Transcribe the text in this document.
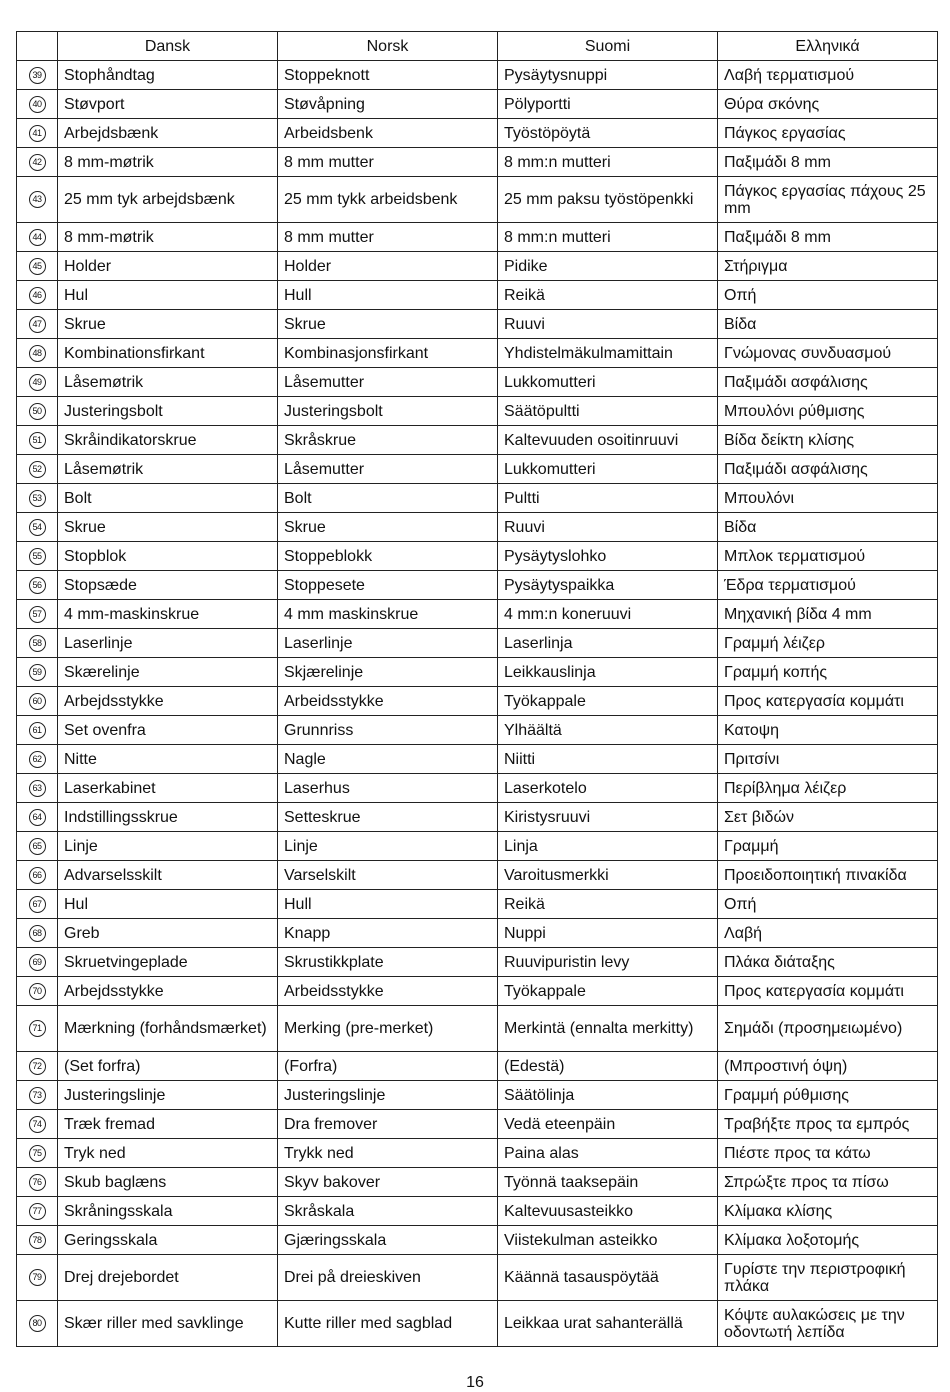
	Dansk	Norsk	Suomi	Ελληνικά
39	Stophåndtag	Stoppeknott	Pysäytysnuppi	Λαβή τερματισμού
40	Støvport	Støvåpning	Pölyportti	Θύρα σκόνης
41	Arbejdsbænk	Arbeidsbenk	Työstöpöytä	Πάγκος εργασίας
42	8 mm-møtrik	8 mm mutter	8 mm:n mutteri	Παξιμάδι 8 mm
43	25 mm tyk arbejdsbænk	25 mm tykk arbeidsbenk	25 mm paksu työstöpenkki	Πάγκος εργασίας πάχους 25 mm
44	8 mm-møtrik	8 mm mutter	8 mm:n mutteri	Παξιμάδι 8 mm
45	Holder	Holder	Pidike	Στήριγμα
46	Hul	Hull	Reikä	Οπή
47	Skrue	Skrue	Ruuvi	Βίδα
48	Kombinationsfirkant	Kombinasjonsfirkant	Yhdistelmäkulmamittain	Γνώμονας συνδυασμού
49	Låsemøtrik	Låsemutter	Lukkomutteri	Παξιμάδι ασφάλισης
50	Justeringsbolt	Justeringsbolt	Säätöpultti	Μπουλόνι ρύθμισης
51	Skråindikatorskrue	Skråskrue	Kaltevuuden osoitinruuvi	Βίδα δείκτη κλίσης
52	Låsemøtrik	Låsemutter	Lukkomutteri	Παξιμάδι ασφάλισης
53	Bolt	Bolt	Pultti	Μπουλόνι
54	Skrue	Skrue	Ruuvi	Βίδα
55	Stopblok	Stoppeblokk	Pysäytyslohko	Μπλοκ τερματισμού
56	Stopsæde	Stoppesete	Pysäytyspaikka	Έδρα τερματισμού
57	4 mm-maskinskrue	4 mm maskinskrue	4 mm:n koneruuvi	Μηχανική βίδα 4 mm
58	Laserlinje	Laserlinje	Laserlinja	Γραμμή λέιζερ
59	Skærelinje	Skjærelinje	Leikkauslinja	Γραμμή κοπής
60	Arbejdsstykke	Arbeidsstykke	Työkappale	Προς κατεργασία κομμάτι
61	Set ovenfra	Grunnriss	Ylhäältä	Κατοψη
62	Nitte	Nagle	Niitti	Πριτσίνι
63	Laserkabinet	Laserhus	Laserkotelo	Περίβλημα λέιζερ
64	Indstillingsskrue	Setteskrue	Kiristysruuvi	Σετ βιδών
65	Linje	Linje	Linja	Γραμμή
66	Advarselsskilt	Varselskilt	Varoitusmerkki	Προειδοποιητική πινακίδα
67	Hul	Hull	Reikä	Οπή
68	Greb	Knapp	Nuppi	Λαβή
69	Skruetvingeplade	Skrustikkplate	Ruuvipuristin levy	Πλάκα διάταξης
70	Arbejdsstykke	Arbeidsstykke	Työkappale	Προς κατεργασία κομμάτι
71	Mærkning (forhåndsmærket)	Merking (pre-merket)	Merkintä (ennalta merkitty)	Σημάδι (προσημειωμένο)
72	(Set forfra)	(Forfra)	(Edestä)	(Μπροστινή όψη)
73	Justeringslinje	Justeringslinje	Säätölinja	Γραμμή ρύθμισης
74	Træk fremad	Dra fremover	Vedä eteenpäin	Τραβήξτε προς τα εμπρός
75	Tryk ned	Trykk ned	Paina alas	Πιέστε προς τα κάτω
76	Skub baglæns	Skyv bakover	Työnnä taaksepäin	Σπρώξτε προς τα πίσω
77	Skråningsskala	Skråskala	Kaltevuusasteikko	Κλίμακα κλίσης
78	Geringsskala	Gjæringsskala	Viistekulman asteikko	Κλίμακα λοξοτομής
79	Drej drejebordet	Drei på dreieskiven	Käännä tasauspöytää	Γυρίστε την περιστροφική πλάκα
80	Skær riller med savklinge	Kutte riller med sagblad	Leikkaa urat sahanterällä	Κόψτε αυλακώσεις με την οδοντωτή λεπίδα
16
